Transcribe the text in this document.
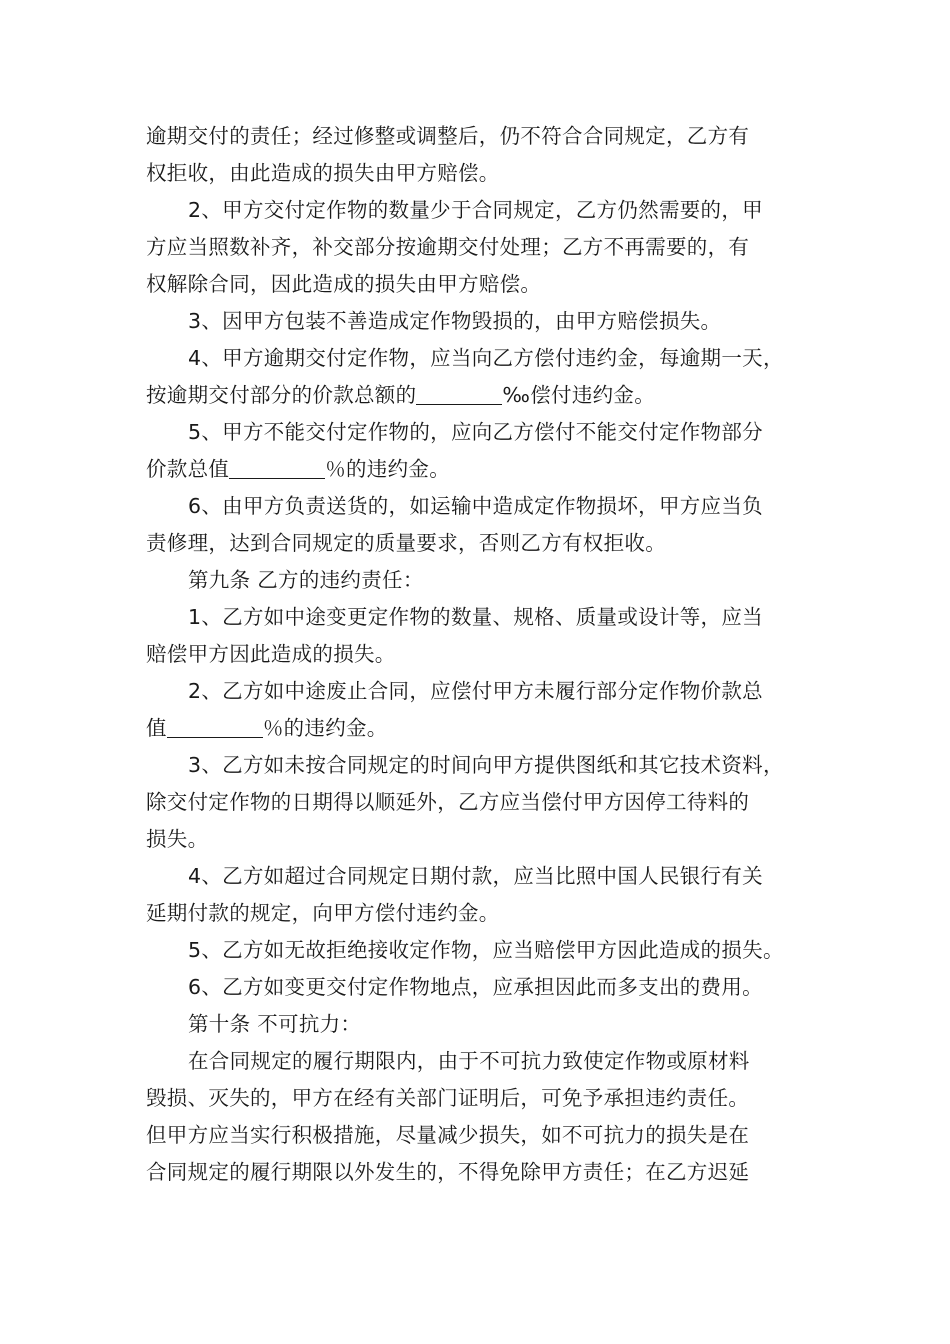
逾期交付的责任；经过修整或调整后，仍不符合合同规定，乙方有
权拒收，由此造成的损失由甲方赔偿。
2、甲方交付定作物的数量少于合同规定，乙方仍然需要的，甲
方应当照数补齐，补交部分按逾期交付处理；乙方不再需要的，有
权解除合同，因此造成的损失由甲方赔偿。
3、因甲方包装不善造成定作物毁损的，由甲方赔偿损失。
4、甲方逾期交付定作物，应当向乙方偿付违约金，每逾期一天，
按逾期交付部分的价款总额的	‰偿付违约金。
5、甲方不能交付定作物的，应向乙方偿付不能交付定作物部分
价款总值	％的违约金。
6、由甲方负责送货的，如运输中造成定作物损坏，甲方应当负
责修理，达到合同规定的质量要求，否则乙方有权拒收。
第九条 乙方的违约责任：
1、乙方如中途变更定作物的数量、规格、质量或设计等，应当
赔偿甲方因此造成的损失。
2、乙方如中途废止合同，应偿付甲方未履行部分定作物价款总
值	％的违约金。
3、乙方如未按合同规定的时间向甲方提供图纸和其它技术资料，
除交付定作物的日期得以顺延外，乙方应当偿付甲方因停工待料的
损失。
4、乙方如超过合同规定日期付款，应当比照中国人民银行有关
延期付款的规定，向甲方偿付违约金。
5、乙方如无故拒绝接收定作物，应当赔偿甲方因此造成的损失。
6、乙方如变更交付定作物地点，应承担因此而多支出的费用。
第十条 不可抗力：
在合同规定的履行期限内，由于不可抗力致使定作物或原材料
毁损、灭失的，甲方在经有关部门证明后，可免予承担违约责任。
但甲方应当实行积极措施，尽量减少损失，如不可抗力的损失是在
合同规定的履行期限以外发生的，不得免除甲方责任；在乙方迟延
